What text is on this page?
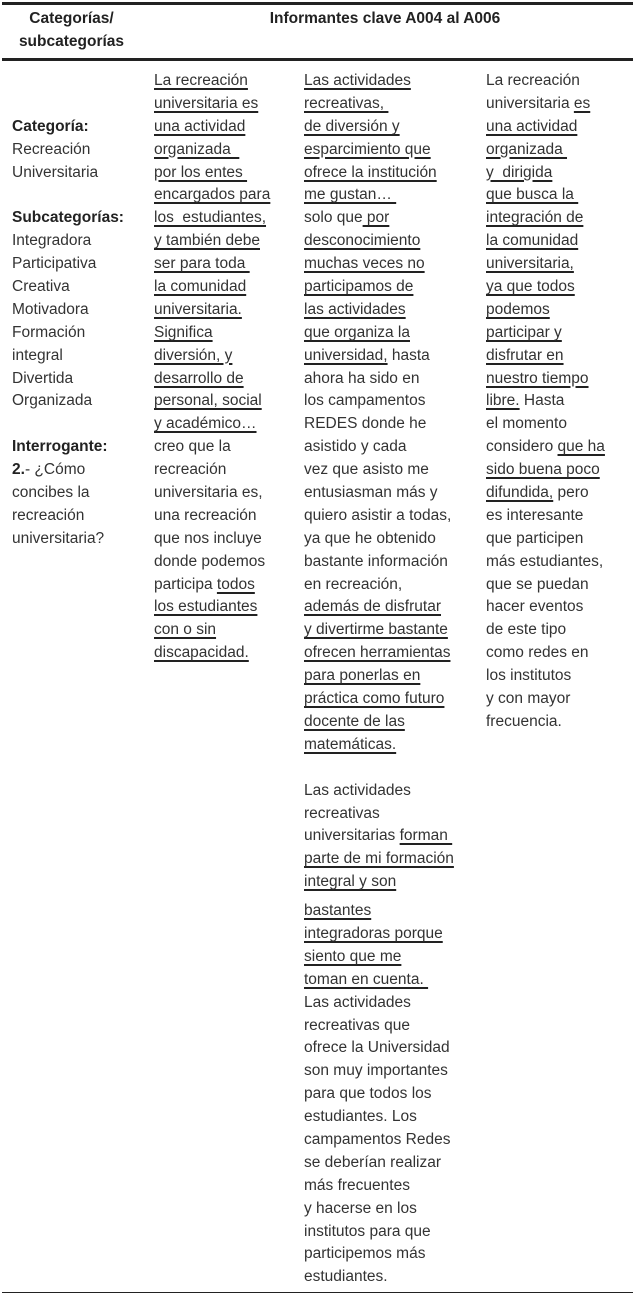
Categorías/
subcategorías
Informantes clave A004 al A006
Categoría:
Recreación
Universitaria
Subcategorías:
Integradora
Participativa
Creativa
Motivadora
Formación
integral
Divertida
Organizada
Interrogante:
2.- ¿Cómo
concibes la
recreación
universitaria?
La recreación
universitaria es
una actividad
organizada
por los entes
encargados para
los  estudiantes,
y también debe
ser para toda
la comunidad
universitaria.
Significa
diversión, y
desarrollo de
personal, social
y académico…
creo que la
recreación
universitaria es,
una recreación
que nos incluye
donde podemos
participa todos
los estudiantes
con o sin
discapacidad.
Las actividades
recreativas,
de diversión y
esparcimiento que
ofrece la institución
me gustan…
solo que por
desconocimiento
muchas veces no
participamos de
las actividades
que organiza la
universidad, hasta
ahora ha sido en
los campamentos
REDES donde he
asistido y cada
vez que asisto me
entusiasman más y
quiero asistir a todas,
ya que he obtenido
bastante información
en recreación,
además de disfrutar
y divertirme bastante
ofrecen herramientas
para ponerlas en
práctica como futuro
docente de las
matemáticas.
Las actividades
recreativas
universitarias forman
parte de mi formación
integral y son
bastantes
integradoras porque
siento que me
toman en cuenta.
Las actividades
recreativas que
ofrece la Universidad
son muy importantes
para que todos los
estudiantes. Los
campamentos Redes
se deberían realizar
más frecuentes
y hacerse en los
institutos para que
participemos más
estudiantes.
La recreación
universitaria es
una actividad
organizada
y  dirigida
que busca la
integración de
la comunidad
universitaria,
ya que todos
podemos
participar y
disfrutar en
nuestro tiempo
libre. Hasta
el momento
considero que ha
sido buena poco
difundida, pero
es interesante
que participen
más estudiantes,
que se puedan
hacer eventos
de este tipo
como redes en
los institutos
y con mayor
frecuencia.
